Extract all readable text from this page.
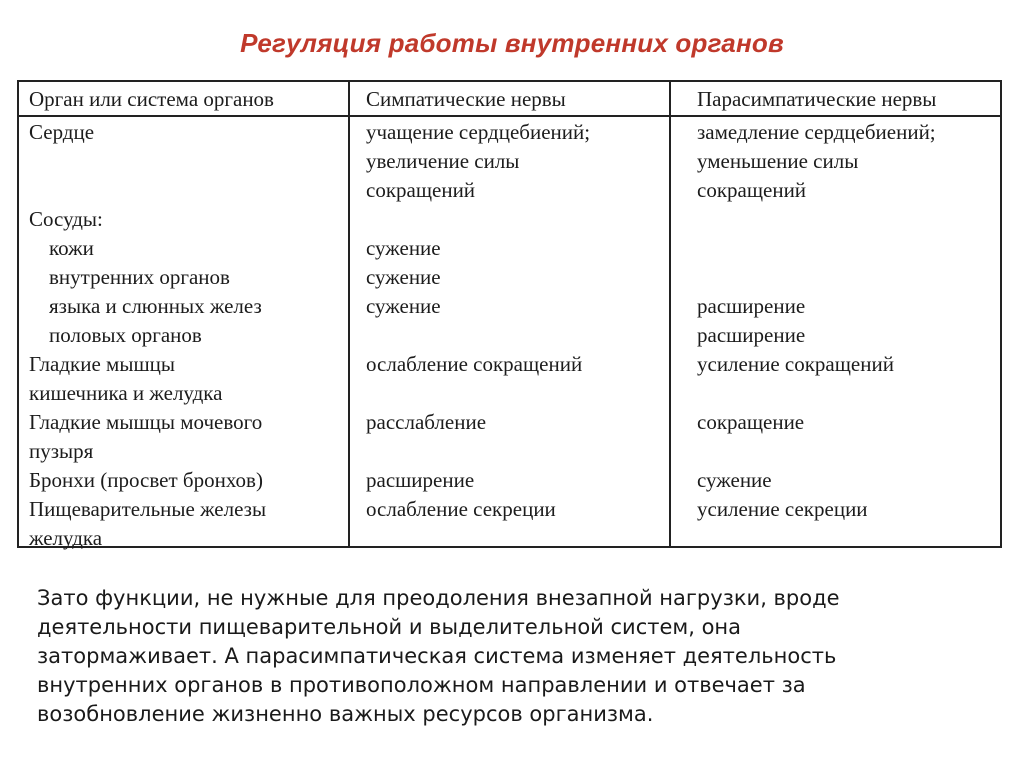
Регуляция работы внутренних органов
Орган или система органов	Симпатические нервы	Парасимпатические нервы
Сердце
Сосуды:
кожи
внутренних органов
языка и слюнных желез
половых органов
Гладкие мышцы
кишечника и желудка
Гладкие мышцы мочевого
пузыря
Бронхи (просвет бронхов)
Пищеварительные железы
желудка
учащение сердцебиений;
увеличение силы
сокращений
сужение
сужение
сужение
ослабление сокращений
расслабление
расширение
ослабление секреции
замедление сердцебиений;
уменьшение силы
сокращений
расширение
расширение
усиление сокращений
сокращение
сужение
усиление секреции
Зато функции, не нужные для преодоления внезапной нагрузки, вроде
деятельности пищеварительной и выделительной систем, она
затормаживает. А парасимпатическая система изменяет деятельность
внутренних органов в противоположном направлении и отвечает за
возобновление жизненно важных ресурсов организма.
